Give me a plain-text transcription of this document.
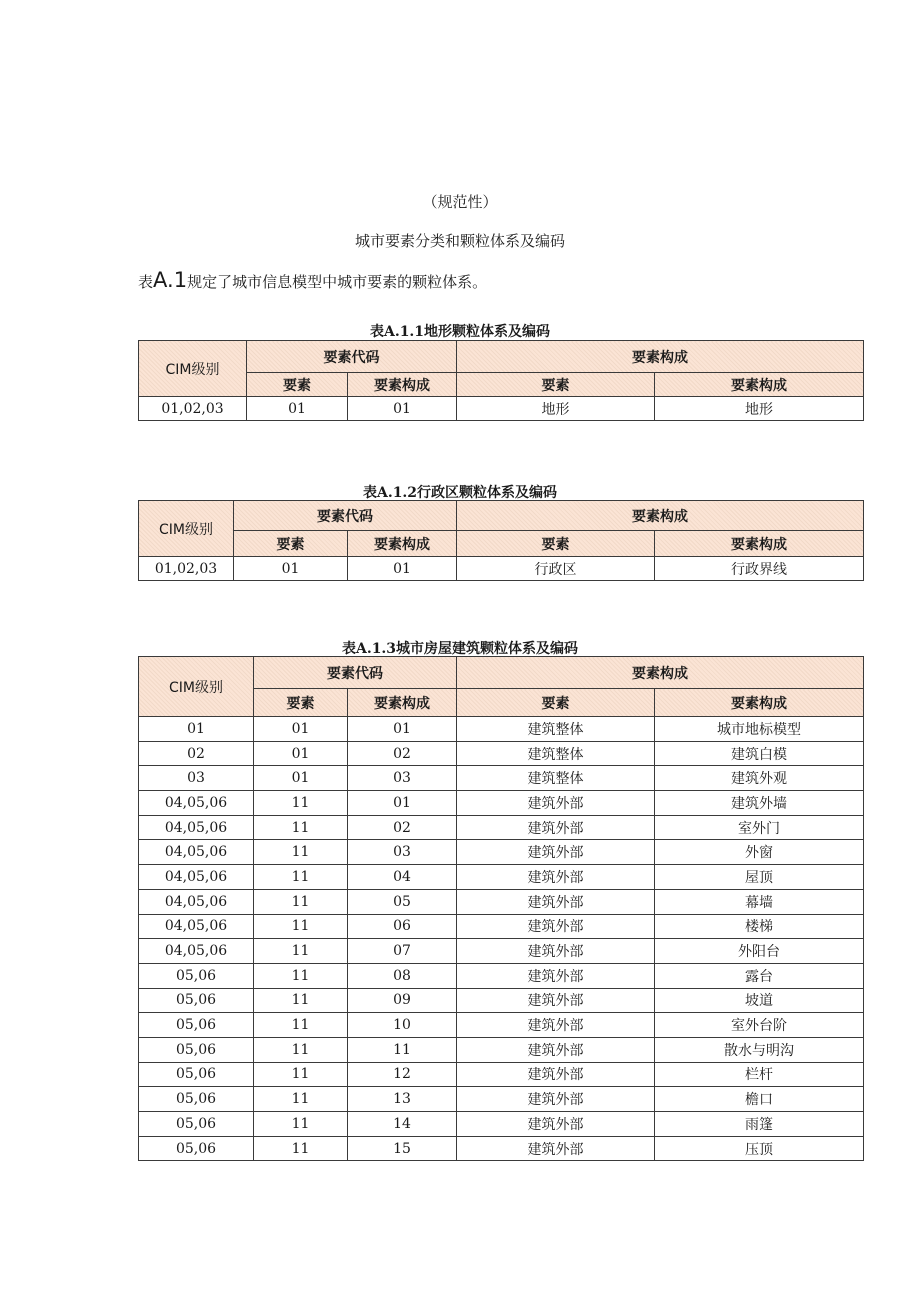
（规范性）
城市要素分类和颗粒体系及编码
表A.1规定了城市信息模型中城市要素的颗粒体系。
表A.1.1地形颗粒体系及编码
CIM级别	要素代码		要素构成	
	要素	要素构成	要素	要素构成
01,02,03	01	01	地形	地形
表A.1.2行政区颗粒体系及编码
CIM级别	要素代码		要素构成	
	要素	要素构成	要素	要素构成
01,02,03	01	01	行政区	行政界线
表A.1.3城市房屋建筑颗粒体系及编码
CIM级别	要素代码		要素构成	
	要素	要素构成	要素	要素构成
01	01	01	建筑整体	城市地标模型
02	01	02	建筑整体	建筑白模
03	01	03	建筑整体	建筑外观
04,05,06	11	01	建筑外部	建筑外墙
04,05,06	11	02	建筑外部	室外门
04,05,06	11	03	建筑外部	外窗
04,05,06	11	04	建筑外部	屋顶
04,05,06	11	05	建筑外部	幕墙
04,05,06	11	06	建筑外部	楼梯
04,05,06	11	07	建筑外部	外阳台
05,06	11	08	建筑外部	露台
05,06	11	09	建筑外部	坡道
05,06	11	10	建筑外部	室外台阶
05,06	11	11	建筑外部	散水与明沟
05,06	11	12	建筑外部	栏杆
05,06	11	13	建筑外部	檐口
05,06	11	14	建筑外部	雨篷
05,06	11	15	建筑外部	压顶
